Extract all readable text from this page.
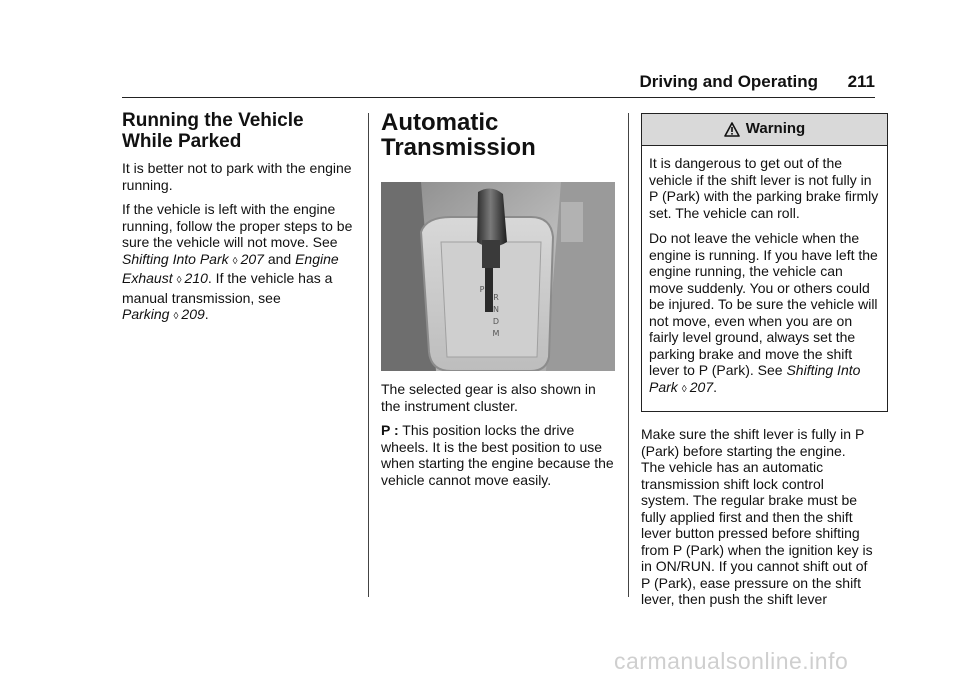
Driving and Operating	211
Running the Vehicle
While Parked

It is better not to park with the engine running.

If the vehicle is left with the engine running, follow the proper steps to be sure the vehicle will not move. See Shifting Into Park ◊ 207 and Engine Exhaust ◊ 210. If the vehicle has a manual transmission, see Parking ◊ 209.

Automatic
Transmission
P
R
N
D
M

The selected gear is also shown in the instrument cluster.

P : This position locks the drive wheels. It is the best position to use when starting the engine because the vehicle cannot move easily.

Warning

It is dangerous to get out of the vehicle if the shift lever is not fully in P (Park) with the parking brake firmly set. The vehicle can roll.

Do not leave the vehicle when the engine is running. If you have left the engine running, the vehicle can move suddenly. You or others could be injured. To be sure the vehicle will not move, even when you are on fairly level ground, always set the parking brake and move the shift lever to P (Park). See Shifting Into Park ◊ 207.

Make sure the shift lever is fully in P (Park) before starting the engine. The vehicle has an automatic transmission shift lock control system. The regular brake must be fully applied first and then the shift lever button pressed before shifting from P (Park) when the ignition key is in ON/RUN. If you cannot shift out of P (Park), ease pressure on the shift lever, then push the shift lever

carmanualsonline.info
